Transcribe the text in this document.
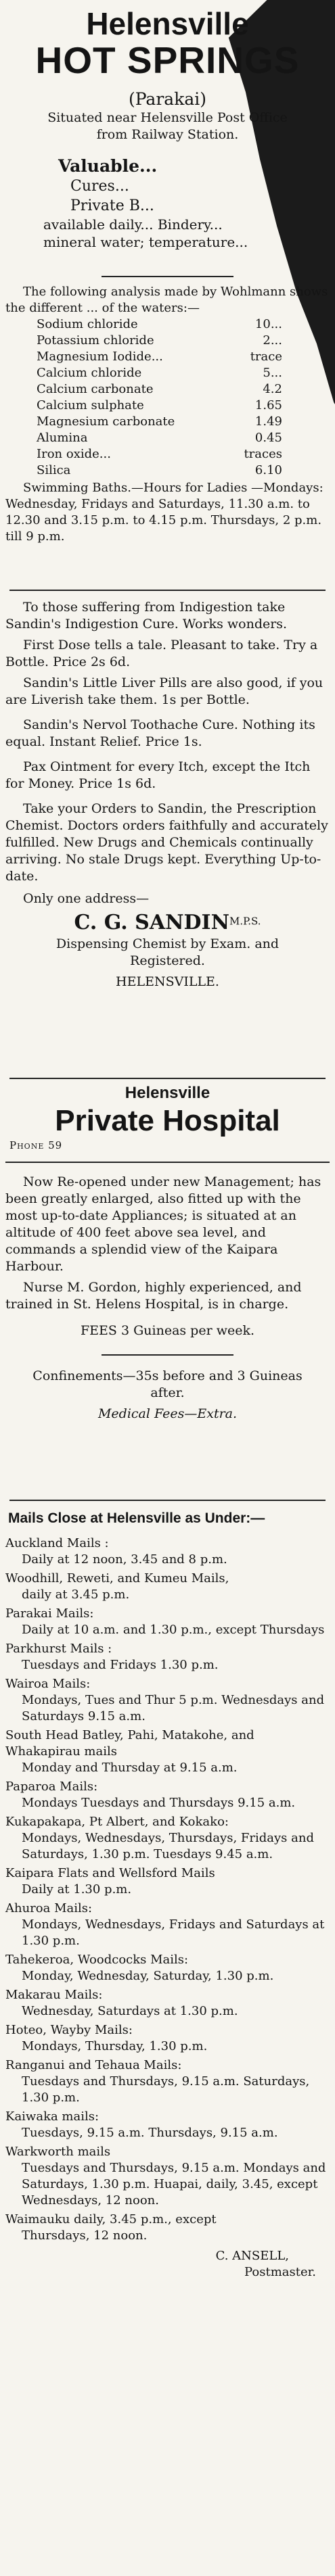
Helensville
HOT SPRINGS
(Parakai)

Situated near Helensville Post Office

from Railway Station.

Valuable...
Cures...
Private B...
available daily... Bindery...
mineral water; temperature...

The following analysis made by Wohlmann shows the different ... of the waters:—

Sodium chloride	10...
Potassium chloride	2...
Magnesium Iodide...	trace
Calcium chloride	5...
Calcium carbonate	4.2
Calcium sulphate	1.65
Magnesium carbonate	1.49
Alumina	0.45
Iron oxide...	traces
Silica	6.10

Swimming Baths.—Hours for Ladies —Mondays: Wednesday, Fridays and Saturdays, 11.30 a.m. to 12.30 and 3.15 p.m. to 4.15 p.m. Thursdays, 2 p.m. till 9 p.m.

To those suffering from Indigestion take Sandin's Indigestion Cure. Works wonders.

First Dose tells a tale. Pleasant to take. Try a Bottle. Price 2s 6d.

Sandin's Little Liver Pills are also good, if you are Liverish take them. 1s per Bottle.

Sandin's Nervol Toothache Cure. Nothing its equal. Instant Relief. Price 1s.

Pax Ointment for every Itch, except the Itch for Money. Price 1s 6d.

Take your Orders to Sandin, the Prescription Chemist. Doctors orders faithfully and accurately fulfilled. New Drugs and Chemicals continually arriving. No stale Drugs kept. Everything Up-to-date.

Only one address—

C. G. SANDINM.P.S.

Dispensing Chemist by Exam. and Registered.

HELENSVILLE.

Helensville
Private Hospital
Phone 59

Now Re-opened under new Management; has been greatly enlarged, also fitted up with the most up-to-date Appliances; is situated at an altitude of 400 feet above sea level, and commands a splendid view of the Kaipara Harbour.

Nurse M. Gordon, highly experienced, and trained in St. Helens Hospital, is in charge.

FEES 3 Guineas per week.

Confinements—35s before and 3 Guineas after.

Medical Fees—Extra.

Mails Close at Helensville as Under:—

Auckland Mails :

Daily at 12 noon, 3.45 and 8 p.m.

Woodhill, Reweti, and Kumeu Mails,

daily at 3.45 p.m.

Parakai Mails:

Daily at 10 a.m. and 1.30 p.m., except Thursdays

Parkhurst Mails :

Tuesdays and Fridays 1.30 p.m.

Wairoa Mails:

Mondays, Tues and Thur 5 p.m. Wednesdays and Saturdays 9.15 a.m.

South Head Batley, Pahi, Matakohe, and Whakapirau mails

Monday and Thursday at 9.15 a.m.

Paparoa Mails:

Mondays Tuesdays and Thursdays 9.15 a.m.

Kukapakapa, Pt Albert, and Kokako:

Mondays, Wednesdays, Thursdays, Fridays and Saturdays, 1.30 p.m. Tuesdays 9.45 a.m.

Kaipara Flats and Wellsford Mails

Daily at 1.30 p.m.

Ahuroa Mails:

Mondays, Wednesdays, Fridays and Saturdays at 1.30 p.m.

Tahekeroa, Woodcocks Mails:

Monday, Wednesday, Saturday, 1.30 p.m.

Makarau Mails:

Wednesday, Saturdays at 1.30 p.m.

Hoteo, Wayby Mails:

Mondays, Thursday, 1.30 p.m.

Ranganui and Tehaua Mails:

Tuesdays and Thursdays, 9.15 a.m. Saturdays, 1.30 p.m.

Kaiwaka mails:

Tuesdays, 9.15 a.m. Thursdays, 9.15 a.m.

Warkworth mails

Tuesdays and Thursdays, 9.15 a.m. Mondays and Saturdays, 1.30 p.m. Huapai, daily, 3.45, except Wednesdays, 12 noon.

Waimauku daily, 3.45 p.m., except

Thursdays, 12 noon.

C. ANSELL,

Postmaster.
